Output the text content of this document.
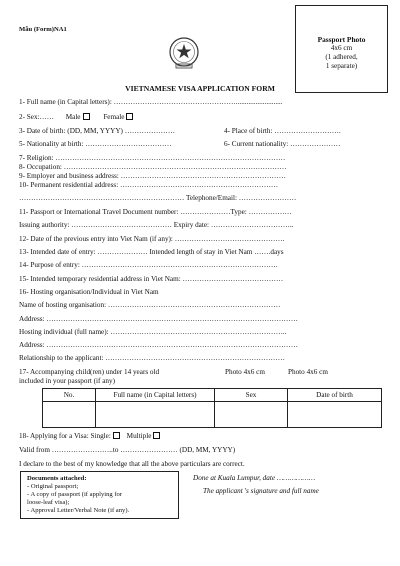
Mẫu (Form)NA1
Passport Photo
4x6 cm
(1 adhered,
1 separate)
VIETNAMESE VISA APPLICATION FORM
1- Full name (in Capital letters): ……………………………………………..........................
2- Sex:…… Male	Female
3- Date of birth: (DD, MM, YYYY) …………………	4- Place of birth: ……………………….
5- Nationality at birth: ………………………………	6- Current nationality: …………………
7- Religion: ……………………………………………………………………………………
8- Occupation: …………………………………………………………………………………
9- Employer and business address: ……………………………………………………………
10- Permanent residential address: …………………………………………………………
…………………………………………………………… Telephone/Email: ……………………
11- Passport or International Travel Document number: …………………Type: ………………
Issuing authority: …………………………………… Expiry date: ……………………………..
12- Date of the previous entry into Viet Nam (if any): ……………………………………….
13- Intended date of entry: ………………… Intended length of stay in Viet Nam …….days
14- Purpose of entry: ……………………………………………………………………….
15- Intended temporary residential address in Viet Nam: ……………………………………
16- Hosting organisation/Individual in Viet Nam
Name of hosting organisation: ………………………………………………………………
Address: ……………………………………………………………………………………………
Hosting individual (full name): ………………………………………………………………..
Address: ……………………………………………………………………………………………
Relationship to the applicant: …………………………………………………………………
17- Accompanying child(ren) under 14 years old	Photo 4x6 cm	Photo 4x6 cm
included in your passport (if any)
No.	Full name (in Capital letters)	Sex	Date of birth

18- Applying for a Visa: Single: Multiple
Valid from ……………………..to …………………… (DD, MM, YYYY)
I declare to the best of my knowledge that all the above particulars are correct.
Documents attached:
- Original passport;
- A copy of passport (if applying for
loose-leaf visa);
- Approval Letter/Verbal Note (if any).
Done at Kuala Lumpur, date ………………
The applicant 's signature and full name
